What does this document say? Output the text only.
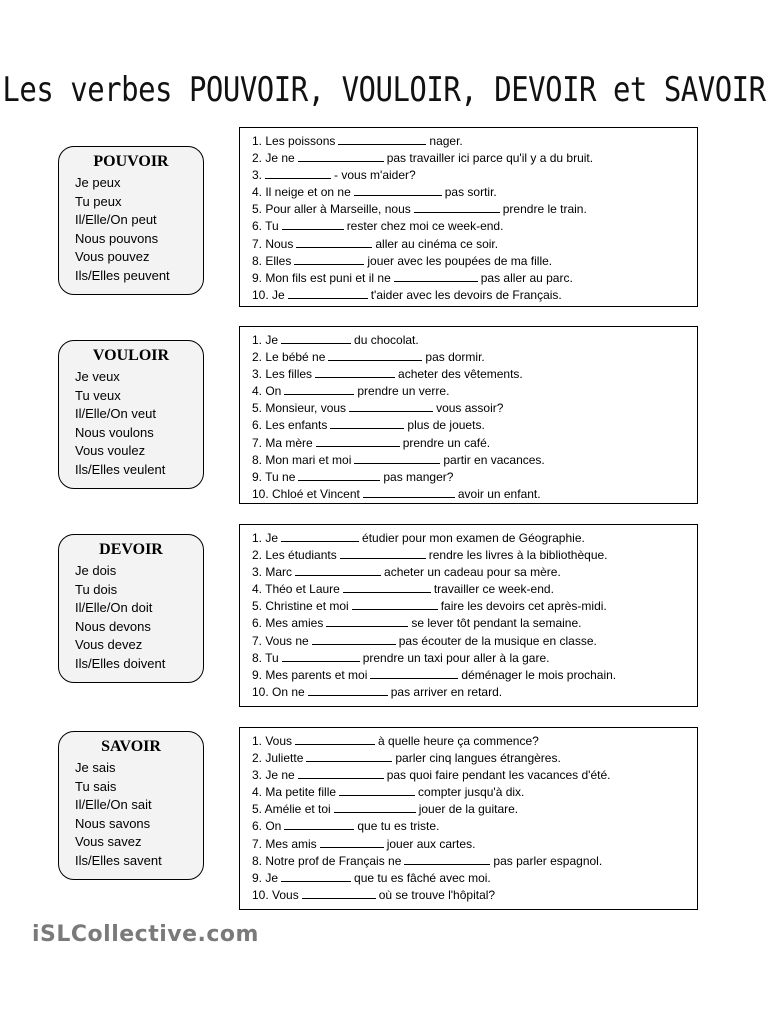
Les verbes POUVOIR, VOULOIR, DEVOIR et SAVOIR
POUVOIR
Je peux
Tu peux
Il/Elle/On peut
Nous pouvons
Vous pouvez
Ils/Elles peuvent
VOULOIR
Je veux
Tu veux
Il/Elle/On veut
Nous voulons
Vous voulez
Ils/Elles veulent
DEVOIR
Je dois
Tu dois
Il/Elle/On doit
Nous devons
Vous devez
Ils/Elles doivent
SAVOIR
Je sais
Tu sais
Il/Elle/On sait
Nous savons
Vous savez
Ils/Elles savent
1. Les poissons	nager.
2. Je ne	pas travailler ici parce qu'il y a du bruit.
3.	- vous m'aider?
4. Il neige et on ne	pas sortir.
5. Pour aller à Marseille, nous	prendre le train.
6. Tu	rester chez moi ce week-end.
7. Nous	aller au cinéma ce soir.
8. Elles	jouer avec les poupées de ma fille.
9. Mon fils est puni et il ne	pas aller au parc.
10. Je	t'aider avec les devoirs de Français.
1. Je	du chocolat.
2. Le bébé ne	pas dormir.
3. Les filles	acheter des vêtements.
4. On	prendre un verre.
5. Monsieur, vous	vous assoir?
6. Les enfants	plus de jouets.
7. Ma mère	prendre un café.
8. Mon mari et moi	partir en vacances.
9. Tu ne	pas manger?
10. Chloé et Vincent	avoir un enfant.
1. Je	étudier pour mon examen de Géographie.
2. Les étudiants	rendre les livres à la bibliothèque.
3. Marc	acheter un cadeau pour sa mère.
4. Théo et Laure	travailler ce week-end.
5. Christine et moi	faire les devoirs cet après-midi.
6. Mes amies	se lever tôt pendant la semaine.
7. Vous ne	pas écouter de la musique en classe.
8. Tu	prendre un taxi pour aller à la gare.
9. Mes parents et moi	déménager le mois prochain.
10. On ne	pas arriver en retard.
1. Vous	à quelle heure ça commence?
2. Juliette	parler cinq langues étrangères.
3. Je ne	pas quoi faire pendant les vacances d'été.
4. Ma petite fille	compter jusqu'à dix.
5. Amélie et toi	jouer de la guitare.
6. On	que tu es triste.
7. Mes amis	jouer aux cartes.
8. Notre prof de Français ne	pas parler espagnol.
9. Je	que tu es fâché avec moi.
10. Vous	où se trouve l'hôpital?
iSLCollective.com
